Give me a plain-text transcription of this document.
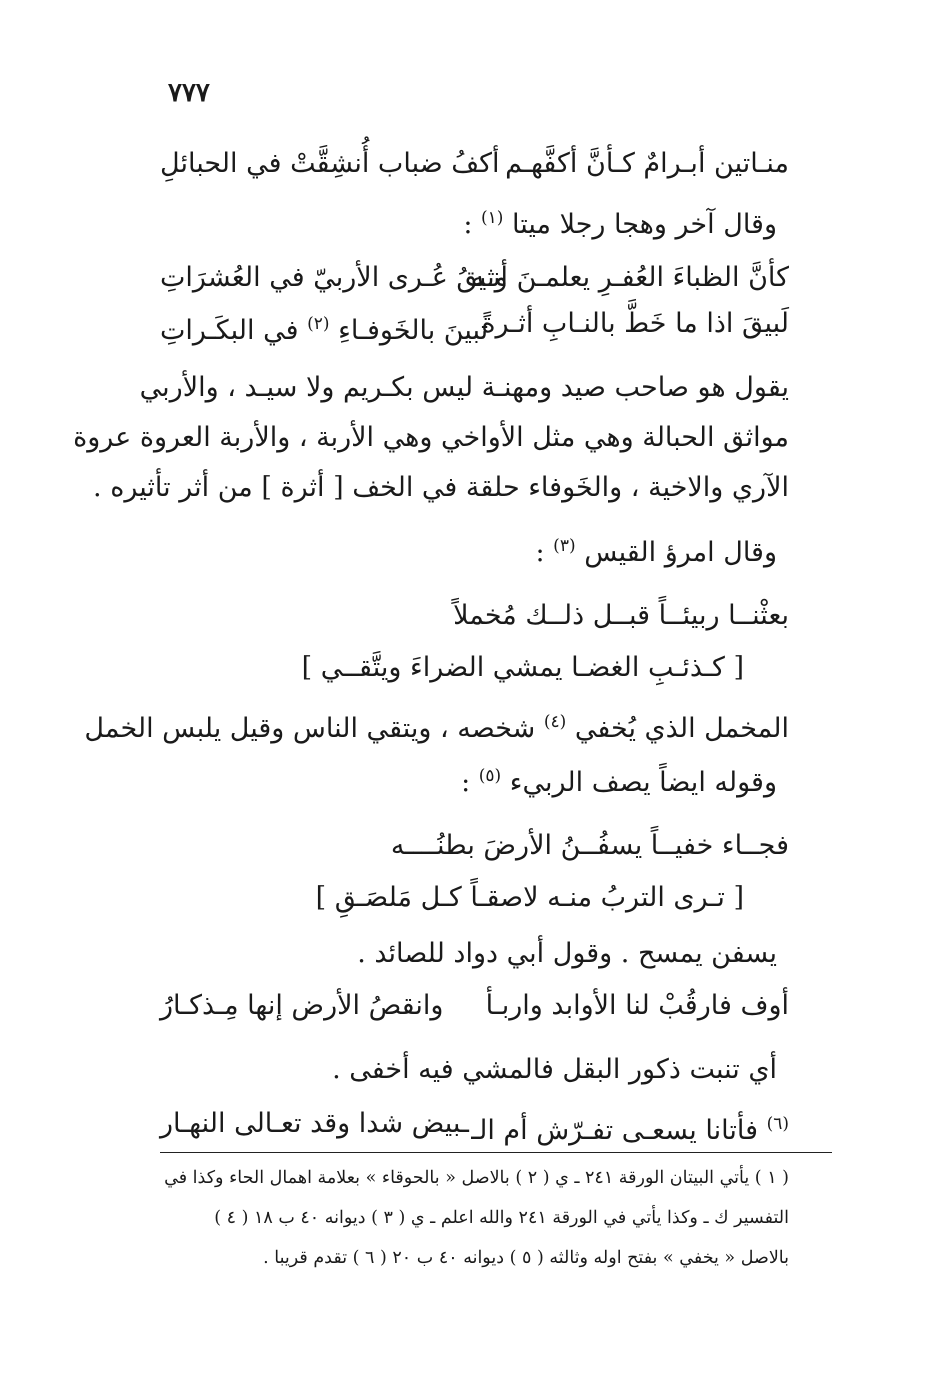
٧٧٧
منـاتين أبـرامٌ كـأنَّ أكفَّهـم
أكفُ ضباب أُنشِقَّتْ في الحبائلِ
وقال آخر وهجا رجلا ميتا $^{(١)}$ :
كأنَّ الظباءَ العُفـرِ يعلمـنَ أنـه
وثيقُ عُـرى الأربيّ في العُشرَاتِ
لَبيقَ اذا ما خَطَّ بالنـابِ أثـرةً
تبينَ بالخَوفـاءِ $^{(٢)}$ في البكَـراتِ
يقول هو صاحب صيد ومهنـة ليس بكـريم ولا سيـد ، والأربي
مواثق الحبالة وهي مثل الأواخي وهي الأربة ، والأربة العروة عروة
الآري والاخية ، والخَوفاء حلقة في الخف [ أثرة ] من أثر تأثيره .
وقال امرؤ القيس $^{(٣)}$ :
بعثْنــا ربيئــاً قبــل ذلــك مُخملاً
[ كـذئـبِ الغضـا يمشي الضراءَ ويتَّقــي ]
المخمل الذي يُخفي $^{(٤)}$ شخصه ، ويتقي الناس وقيل يلبس الخمل
وقوله ايضاً يصف الربيء $^{(٥)}$ :
فجــاء خفيــاً يسفُــنُ الأرضَ بطنُــــه
[ تـرى التربُ منـه لاصقـاً كـل مَلصَـقِ ]
يسفن يمسح . وقول أبي دواد للصائد .
أوف فارقُبْ لنا الأوابد واربـأ
وانقصُ الأرض إنها مِـذكـارُ
أي تنبت ذكور البقل فالمشي فيه أخفى .
$^{(٦)}$ فأتانا يسعـى تفـرّش أم الـ
ـبيض شدا وقد تعـالى النهـار
( ١ ) يأتي البيتان الورقة ٢٤١ ـ ي ( ٢ ) بالاصل « بالحوقاء » بعلامة اهمال الحاء وكذا في
التفسير ك ـ وكذا يأتي في الورقة ٢٤١ والله اعلم ـ ي ( ٣ ) ديوانه ٤٠ ب ١٨ ( ٤ )
بالاصل « يخفي » بفتح اوله وثالثه ( ٥ ) ديوانه ٤٠ ب ٢٠ ( ٦ ) تقدم قريبا .
